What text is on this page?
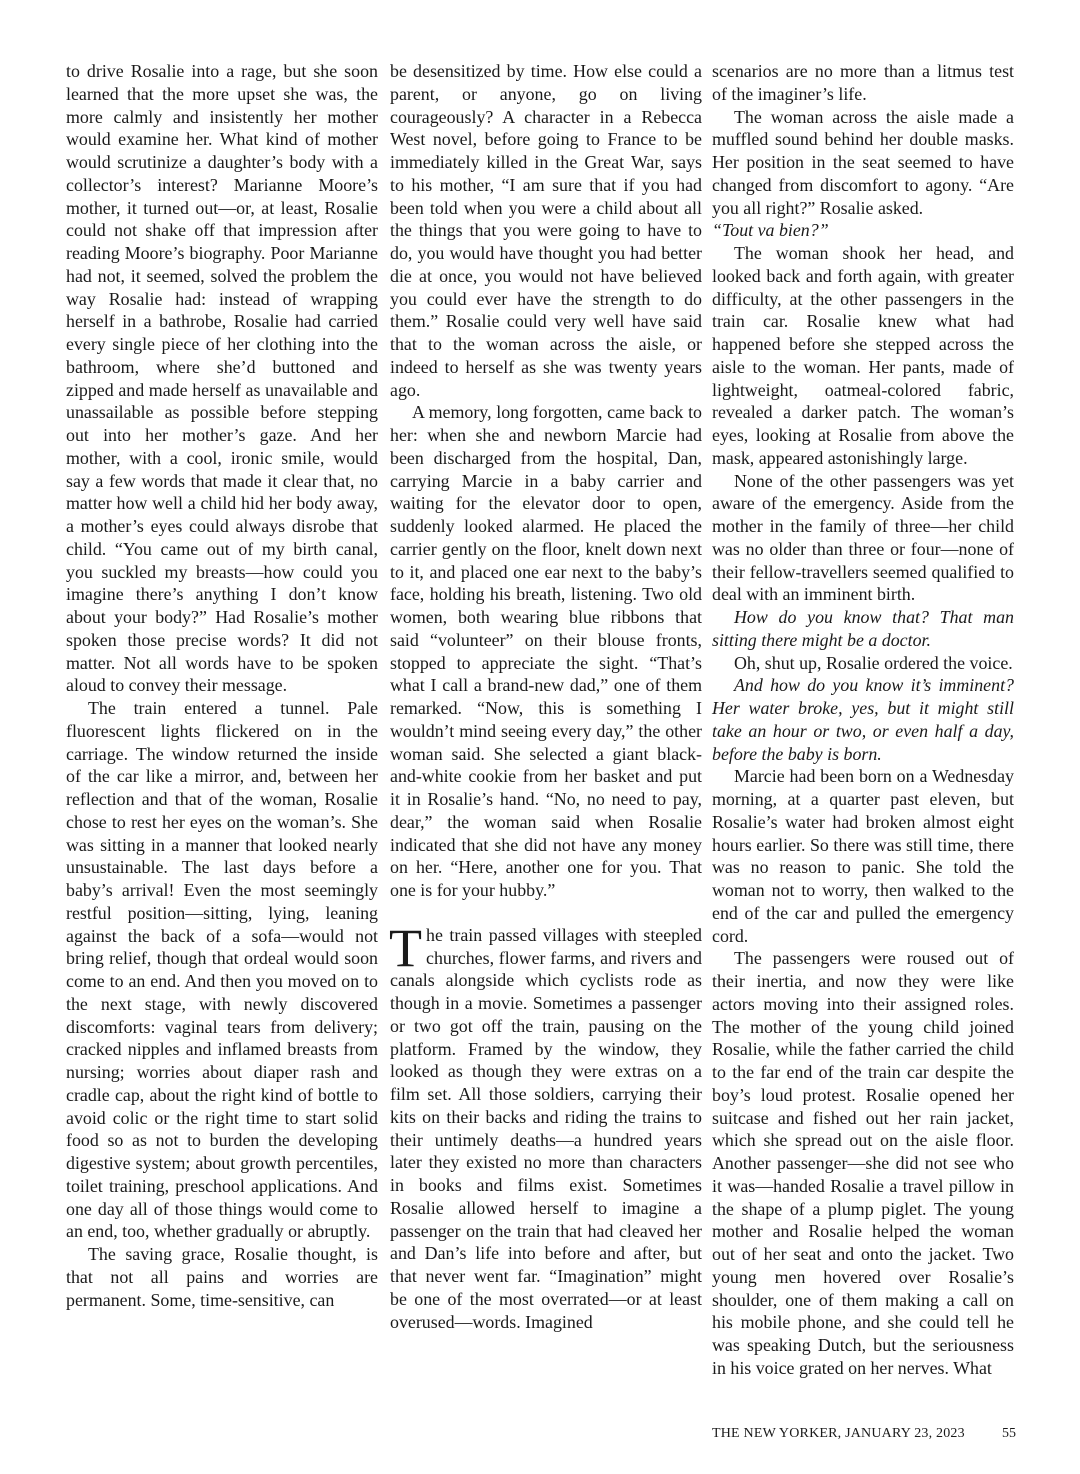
to drive Rosalie into a rage, but she soon learned that the more upset she was, the more calmly and insistently her mother would examine her. What kind of mother would scrutinize a daughter’s body with a collector’s interest? Marianne Moore’s mother, it turned out—or, at least, Rosalie could not shake off that impression after reading Moore’s biography. Poor Marianne had not, it seemed, solved the problem the way Rosalie had: instead of wrapping herself in a bathrobe, Rosalie had carried every single piece of her clothing into the bathroom, where she’d buttoned and zipped and made herself as unavailable and unassailable as possible before stepping out into her mother’s gaze. And her mother, with a cool, ironic smile, would say a few words that made it clear that, no matter how well a child hid her body away, a mother’s eyes could always disrobe that child. “You came out of my birth canal, you suckled my breasts—how could you imagine there’s anything I don’t know about your body?” Had Rosalie’s mother spoken those precise words? It did not matter. Not all words have to be spoken aloud to convey their message.

The train entered a tunnel. Pale fluorescent lights flickered on in the carriage. The window returned the inside of the car like a mirror, and, between her reflection and that of the woman, Rosalie chose to rest her eyes on the woman’s. She was sitting in a manner that looked nearly unsustainable. The last days before a baby’s arrival! Even the most seemingly restful position—sitting, lying, leaning against the back of a sofa—would not bring relief, though that ordeal would soon come to an end. And then you moved on to the next stage, with newly discovered discomforts: vaginal tears from delivery; cracked nipples and inflamed breasts from nursing; worries about diaper rash and cradle cap, about the right kind of bottle to avoid colic or the right time to start solid food so as not to burden the developing digestive system; about growth percentiles, toilet training, preschool applications. And one day all of those things would come to an end, too, whether gradually or abruptly.

The saving grace, Rosalie thought, is that not all pains and worries are permanent. Some, time-sensitive, can

be desensitized by time. How else could a parent, or anyone, go on living courageously? A character in a Rebecca West novel, before going to France to be immediately killed in the Great War, says to his mother, “I am sure that if you had been told when you were a child about all the things that you were going to have to do, you would have thought you had better die at once, you would not have believed you could ever have the strength to do them.” Rosalie could very well have said that to the woman across the aisle, or indeed to herself as she was twenty years ago.

A memory, long forgotten, came back to her: when she and newborn Marcie had been discharged from the hospital, Dan, carrying Marcie in a baby carrier and waiting for the elevator door to open, suddenly looked alarmed. He placed the carrier gently on the floor, knelt down next to it, and placed one ear next to the baby’s face, holding his breath, listening. Two old women, both wearing blue ribbons that said “volunteer” on their blouse fronts, stopped to appreciate the sight. “That’s what I call a brand-new dad,” one of them remarked. “Now, this is something I wouldn’t mind seeing every day,” the other woman said. She selected a giant black-and-white cookie from her basket and put it in Rosalie’s hand. “No, no need to pay, dear,” the woman said when Rosalie indicated that she did not have any money on her. “Here, another one for you. That one is for your hubby.”

The train passed villages with steepled churches, flower farms, and rivers and canals alongside which cyclists rode as though in a movie. Sometimes a passenger or two got off the train, pausing on the platform. Framed by the window, they looked as though they were extras on a film set. All those soldiers, carrying their kits on their backs and riding the trains to their untimely deaths—a hundred years later they existed no more than characters in books and films exist. Sometimes Rosalie allowed herself to imagine a passenger on the train that had cleaved her and Dan’s life into before and after, but that never went far. “Imagination” might be one of the most overrated—or at least overused—words. Imagined

scenarios are no more than a litmus test of the imaginer’s life.

The woman across the aisle made a muffled sound behind her double masks. Her position in the seat seemed to have changed from discomfort to agony. “Are you all right?” Rosalie asked.
“Tout va bien?”

The woman shook her head, and looked back and forth again, with greater difficulty, at the other passengers in the train car. Rosalie knew what had happened before she stepped across the aisle to the woman. Her pants, made of lightweight, oatmeal-colored fabric, revealed a darker patch. The woman’s eyes, looking at Rosalie from above the mask, appeared astonishingly large.

None of the other passengers was yet aware of the emergency. Aside from the mother in the family of three—her child was no older than three or four—none of their fellow-travellers seemed qualified to deal with an imminent birth.

How do you know that? That man sitting there might be a doctor.

Oh, shut up, Rosalie ordered the voice.

And how do you know it’s imminent? Her water broke, yes, but it might still take an hour or two, or even half a day, before the baby is born.

Marcie had been born on a Wednesday morning, at a quarter past eleven, but Rosalie’s water had broken almost eight hours earlier. So there was still time, there was no reason to panic. She told the woman not to worry, then walked to the end of the car and pulled the emergency cord.

The passengers were roused out of their inertia, and now they were like actors moving into their assigned roles. The mother of the young child joined Rosalie, while the father carried the child to the far end of the train car despite the boy’s loud protest. Rosalie opened her suitcase and fished out her rain jacket, which she spread out on the aisle floor. Another passenger—she did not see who it was—handed Rosalie a travel pillow in the shape of a plump piglet. The young mother and Rosalie helped the woman out of her seat and onto the jacket. Two young men hovered over Rosalie’s shoulder, one of them making a call on his mobile phone, and she could tell he was speaking Dutch, but the seriousness in his voice grated on her nerves. What

THE NEW YORKER, JANUARY 23, 2023	55
